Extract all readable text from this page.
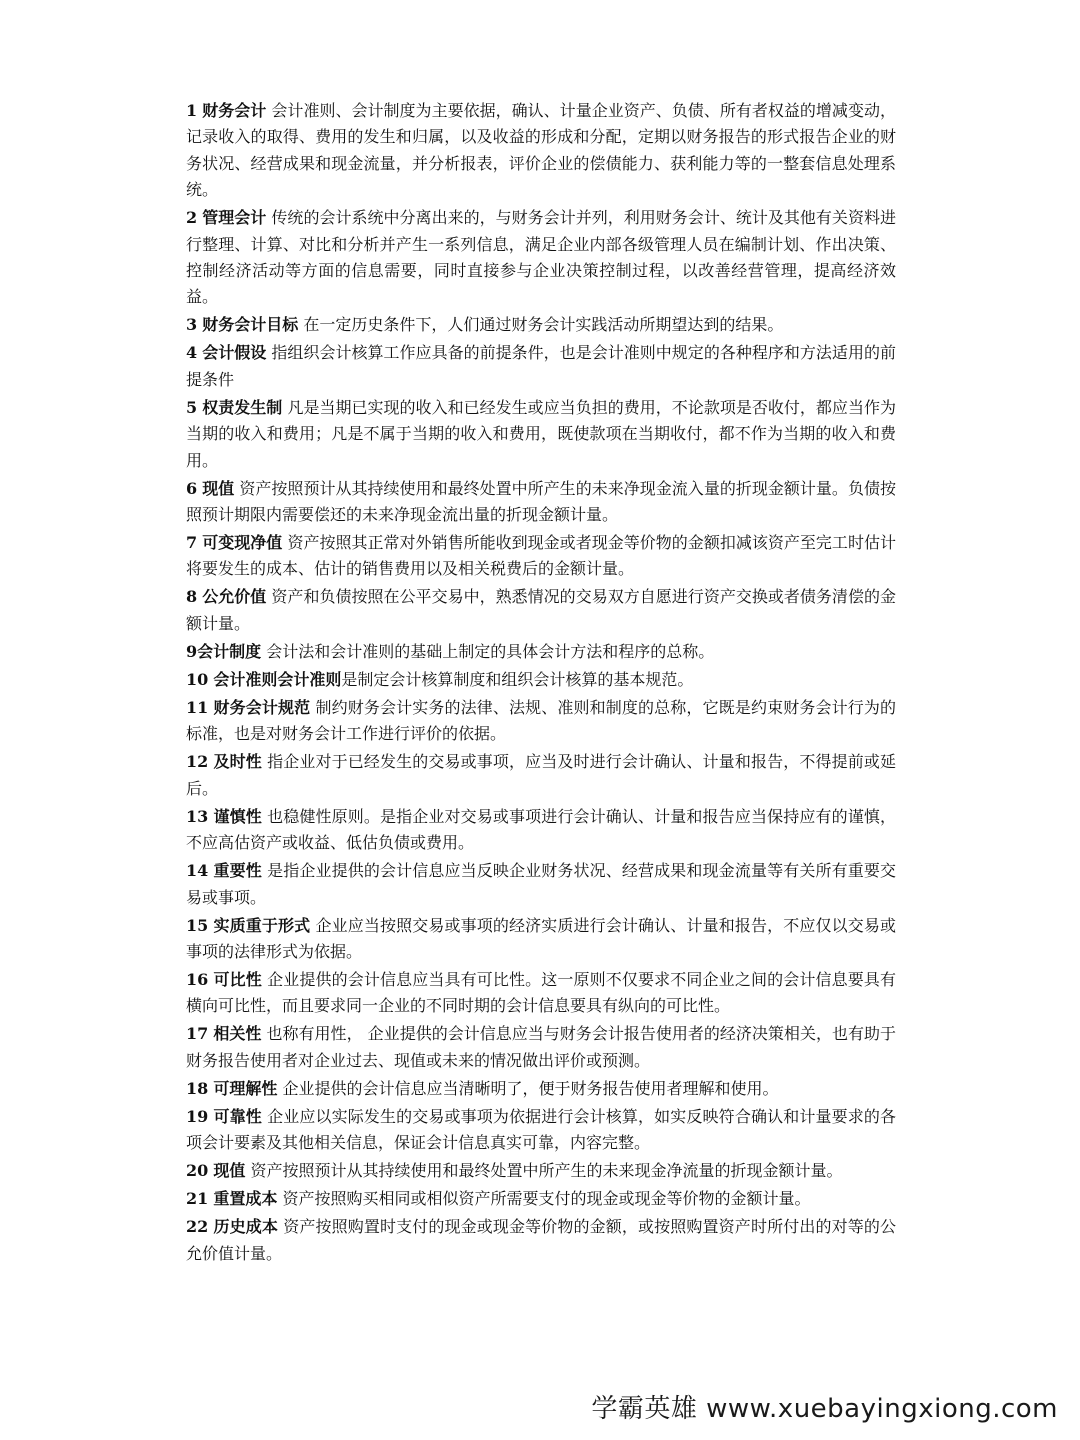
1 财务会计 会计准则、会计制度为主要依据，确认、计量企业资产、负债、所有者权益的增减变动，记录收入的取得、费用的发生和归属，以及收益的形成和分配，定期以财务报告的形式报告企业的财务状况、经营成果和现金流量，并分析报表，评价企业的偿债能力、获利能力等的一整套信息处理系统。

2 管理会计 传统的会计系统中分离出来的，与财务会计并列，利用财务会计、统计及其他有关资料进行整理、计算、对比和分析并产生一系列信息，满足企业内部各级管理人员在编制计划、作出决策、控制经济活动等方面的信息需要，同时直接参与企业决策控制过程，以改善经营管理，提高经济效益。

3 财务会计目标 在一定历史条件下，人们通过财务会计实践活动所期望达到的结果。

4 会计假设 指组织会计核算工作应具备的前提条件，也是会计准则中规定的各种程序和方法适用的前提条件

5 权责发生制 凡是当期已实现的收入和已经发生或应当负担的费用，不论款项是否收付，都应当作为当期的收入和费用；凡是不属于当期的收入和费用，既使款项在当期收付，都不作为当期的收入和费用。

6 现值 资产按照预计从其持续使用和最终处置中所产生的未来净现金流入量的折现金额计量。负债按照预计期限内需要偿还的未来净现金流出量的折现金额计量。

7 可变现净值 资产按照其正常对外销售所能收到现金或者现金等价物的金额扣减该资产至完工时估计将要发生的成本、估计的销售费用以及相关税费后的金额计量。

8 公允价值 资产和负债按照在公平交易中，熟悉情况的交易双方自愿进行资产交换或者债务清偿的金额计量。

9会计制度 会计法和会计准则的基础上制定的具体会计方法和程序的总称。

10 会计准则会计准则是制定会计核算制度和组织会计核算的基本规范。

11 财务会计规范 制约财务会计实务的法律、法规、准则和制度的总称，它既是约束财务会计行为的标准，也是对财务会计工作进行评价的依据。

12 及时性 指企业对于已经发生的交易或事项，应当及时进行会计确认、计量和报告，不得提前或延后。

13 谨慎性 也稳健性原则。是指企业对交易或事项进行会计确认、计量和报告应当保持应有的谨慎，不应高估资产或收益、低估负债或费用。

14 重要性 是指企业提供的会计信息应当反映企业财务状况、经营成果和现金流量等有关所有重要交易或事项。

15 实质重于形式 企业应当按照交易或事项的经济实质进行会计确认、计量和报告，不应仅以交易或事项的法律形式为依据。

16 可比性 企业提供的会计信息应当具有可比性。这一原则不仅要求不同企业之间的会计信息要具有横向可比性，而且要求同一企业的不同时期的会计信息要具有纵向的可比性。

17 相关性 也称有用性， 企业提供的会计信息应当与财务会计报告使用者的经济决策相关，也有助于财务报告使用者对企业过去、现值或未来的情况做出评价或预测。

18 可理解性 企业提供的会计信息应当清晰明了，便于财务报告使用者理解和使用。

19 可靠性 企业应以实际发生的交易或事项为依据进行会计核算，如实反映符合确认和计量要求的各项会计要素及其他相关信息，保证会计信息真实可靠，内容完整。

20 现值 资产按照预计从其持续使用和最终处置中所产生的未来现金净流量的折现金额计量。

21 重置成本 资产按照购买相同或相似资产所需要支付的现金或现金等价物的金额计量。

22 历史成本 资产按照购置时支付的现金或现金等价物的金额，或按照购置资产时所付出的对等的公允价值计量。

学霸英雄 www.xuebayingxiong.com
